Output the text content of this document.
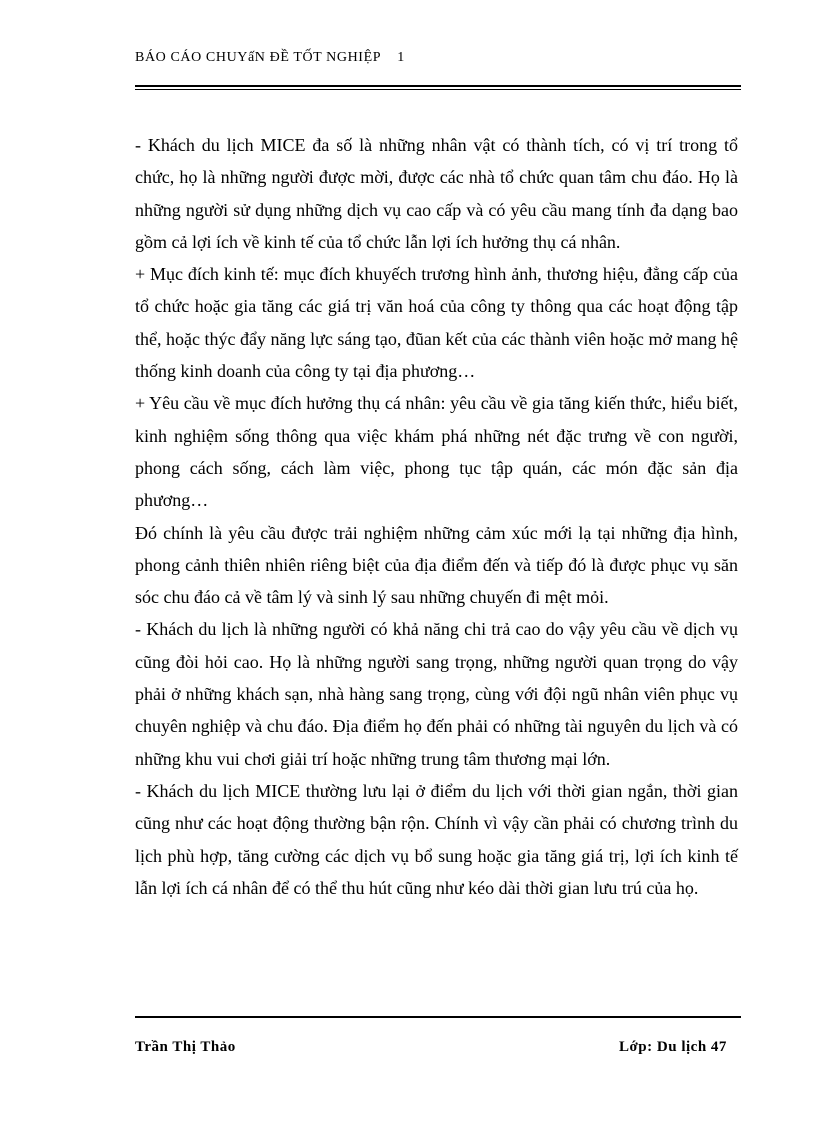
BÁO CÁO CHUYấN ĐỀ TỐT NGHIỆP 1

- Khách du lịch MICE đa số là những nhân vật có thành tích, có vị trí trong tổ chức, họ là những người được mời, được các nhà tổ chức quan tâm chu đáo. Họ là những người sử dụng những dịch vụ cao cấp và có yêu cầu mang tính đa dạng bao gồm cả lợi ích về kinh tế của tổ chức lẫn lợi ích hưởng thụ cá nhân.

+ Mục đích kinh tế: mục đích khuyếch trương hình ảnh, thương hiệu, đẳng cấp của tổ chức hoặc gia tăng các giá trị văn hoá của công ty thông qua các hoạt động tập thể, hoặc thýc đẩy năng lực sáng tạo, đũan kết của các thành viên hoặc mở mang hệ thống kinh doanh của công ty tại địa phương…

+ Yêu cầu về mục đích hưởng thụ cá nhân: yêu cầu về gia tăng kiến thức, hiểu biết, kinh nghiệm sống thông qua việc khám phá những nét đặc trưng về con người, phong cách sống, cách làm việc, phong tục tập quán, các món đặc sản địa phương…

Đó chính là yêu cầu được trải nghiệm những cảm xúc mới lạ tại những địa hình, phong cảnh thiên nhiên riêng biệt của địa điểm đến và tiếp đó là được phục vụ săn sóc chu đáo cả về tâm lý và sinh lý sau những chuyến đi mệt mỏi.

- Khách du lịch là những người có khả năng chi trả cao do vậy yêu cầu về dịch vụ cũng đòi hỏi cao. Họ là những người sang trọng, những người quan trọng do vậy phải ở những khách sạn, nhà hàng sang trọng, cùng với đội ngũ nhân viên phục vụ chuyên nghiệp và chu đáo. Địa điểm họ đến phải có những tài nguyên du lịch và có những khu vui chơi giải trí hoặc những trung tâm thương mại lớn.

- Khách du lịch MICE thường lưu lại ở điểm du lịch với thời gian ngắn, thời gian cũng như các hoạt động thường bận rộn. Chính vì vậy cần phải có chương trình du lịch phù hợp, tăng cường các dịch vụ bổ sung hoặc gia tăng giá trị, lợi ích kinh tế lẫn lợi ích cá nhân để có thể thu hút cũng như kéo dài thời gian lưu trú của họ.

Trần Thị Thảo	Lớp: Du lịch 47
